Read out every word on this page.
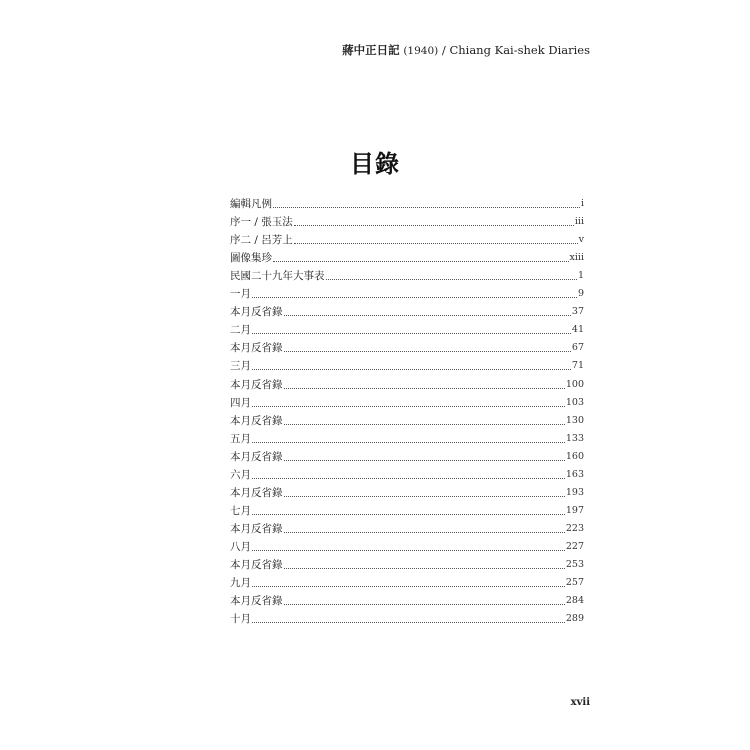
蔣中正日記 (1940) / Chiang Kai-shek Diaries
目錄
編輯凡例	i
序一 / 張玉法	iii
序二 / 呂芳上	v
圖像集珍	xiii
民國二十九年大事表	1
一月	9
本月反省錄	37
二月	41
本月反省錄	67
三月	71
本月反省錄	100
四月	103
本月反省錄	130
五月	133
本月反省錄	160
六月	163
本月反省錄	193
七月	197
本月反省錄	223
八月	227
本月反省錄	253
九月	257
本月反省錄	284
十月	289
xvii
